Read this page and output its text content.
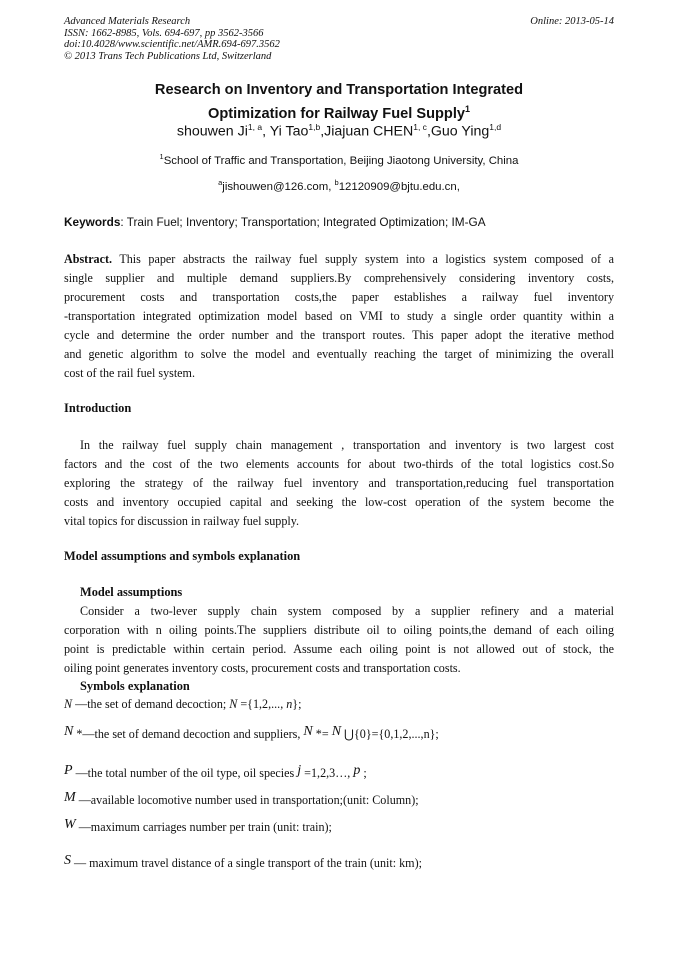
Advanced Materials Research
ISSN: 1662-8985, Vols. 694-697, pp 3562-3566
doi:10.4028/www.scientific.net/AMR.694-697.3562
© 2013 Trans Tech Publications Ltd, Switzerland
Online: 2013-05-14
Research on Inventory and Transportation Integrated
Optimization for Railway Fuel Supply$^1$
shouwen Ji$^{1, a}$, Yi Tao$^{1,b}$,Jiajuan CHEN$^{1, c}$,Guo Ying$^{1,d}$
$^1$School of Traffic and Transportation, Beijing Jiaotong University, China
$^a$jishouwen@126.com, $^b$12120909@bjtu.edu.cn,
Keywords: Train Fuel; Inventory; Transportation; Integrated Optimization; IM-GA
Abstract. This paper abstracts the railway fuel supply system into a logistics system composed of a
single supplier and multiple demand suppliers.By comprehensively considering inventory costs,
procurement costs and transportation costs,the paper establishes a railway fuel inventory
-transportation integrated optimization model based on VMI to study a single order quantity within a
cycle and determine the order number and the transport routes. This paper adopt the iterative method
and genetic algorithm to solve the model and eventually reaching the target of minimizing the overall
cost of the rail fuel system.
Introduction
In the railway fuel supply chain management , transportation and inventory is two largest cost
factors and the cost of the two elements accounts for about two-thirds of the total logistics cost.So
exploring the strategy of the railway fuel inventory and transportation,reducing fuel transportation
costs and inventory occupied capital and seeking the low-cost operation of the system become the
vital topics for discussion in railway fuel supply.
Model assumptions and symbols explanation
Model assumptions
Consider a two-lever supply chain system composed by a supplier refinery and a material
corporation with n oiling points.The suppliers distribute oil to oiling points,the demand of each oiling
point is predictable within certain period. Assume each oiling point is not allowed out of stock, the
oiling point generates inventory costs, procurement costs and transportation costs.
Symbols explanation
N —the set of demand decoction; N ={1,2,..., n};
N *—the set of demand decoction and suppliers, N *= N ⋃{0}={0,1,2,...,n};
P —the total number of the oil type, oil species j =1,2,3…, p ;
M —available locomotive number used in transportation;(unit: Column);
W —maximum carriages number per train (unit: train);
S — maximum travel distance of a single transport of the train (unit: km);
